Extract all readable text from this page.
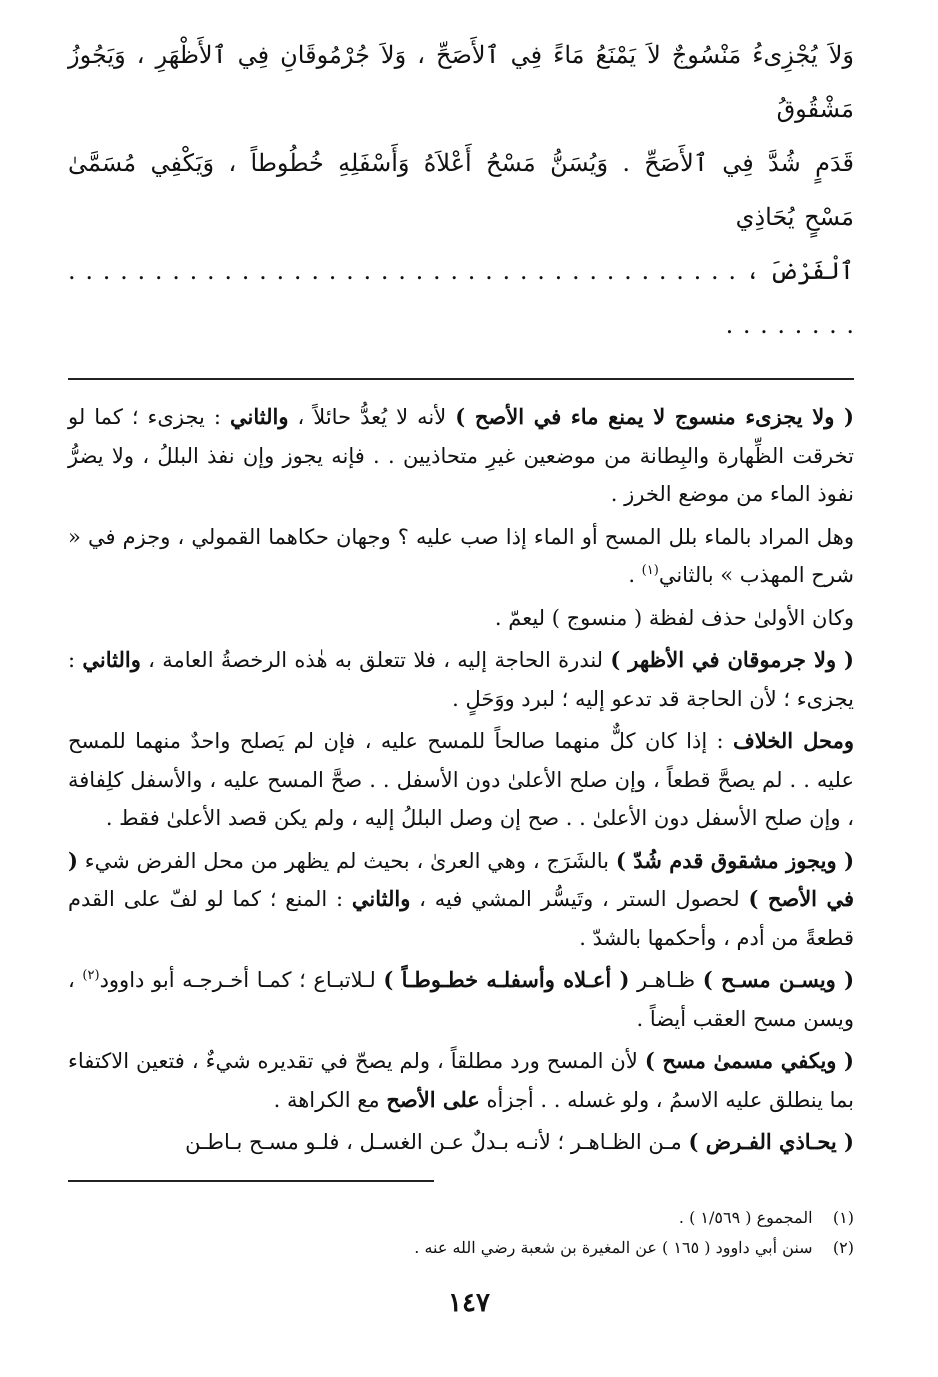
وَلاَ يُجْزِىءُ مَنْسُوجٌ لاَ يَمْنَعُ مَاءً فِي ٱلأَصَحِّ ، وَلاَ جُرْمُوقَانِ فِي ٱلأَظْهَرِ ، وَيَجُوزُ مَشْقُوقُ

قَدَمٍ شُدَّ فِي ٱلأَصَحِّ . وَيُسَنُّ مَسْحُ أَعْلاَهُ وَأَسْفَلِهِ خُطُوطاً ، وَيَكْفِي مُسَمَّىٰ مَسْحٍ يُحَاذِي

ٱلْفَرْضَ ، . . . . . . . . . . . . . . . . . . . . . . . . . . . . . . . . . . . . . . . . . . . . . . .

( ولا يجزىء منسوج لا يمنع ماء في الأصح ) لأنه لا يُعدُّ حائلاً ، والثاني : يجزىء ؛ كما لو تخرقت الظِّهارة والبِطانة من موضعين غيرِ متحاذيين . . فإنه يجوز وإن نفذ البللُ ، ولا يضرُّ نفوذ الماء من موضع الخرز .

وهل المراد بالماء بلل المسح أو الماء إذا صب عليه ؟ وجهان حكاهما القمولي ، وجزم في « شرح المهذب » بالثاني$^{(١)}$ .

وكان الأولىٰ حذف لفظة ( منسوج ) ليعمّ .

( ولا جرموقان في الأظهر ) لندرة الحاجة إليه ، فلا تتعلق به هٰذه الرخصةُ العامة ، والثاني : يجزىء ؛ لأن الحاجة قد تدعو إليه ؛ لبرد ووَحَلٍ .

ومحل الخلاف : إذا كان كلٌّ منهما صالحاً للمسح عليه ، فإن لم يَصلح واحدٌ منهما للمسح عليه . . لم يصحَّ قطعاً ، وإن صلح الأعلىٰ دون الأسفل . . صحَّ المسح عليه ، والأسفل كلِفافة ، وإن صلح الأسفل دون الأعلىٰ . . صح إن وصل البللُ إليه ، ولم يكن قصد الأعلىٰ فقط .

( ويجوز مشقوق قدم شُدّ ) بالشَرَج ، وهي العرىٰ ، بحيث لم يظهر من محل الفرض شيء ( في الأصح ) لحصول الستر ، وتَيسُّر المشي فيه ، والثاني : المنع ؛ كما لو لفّ على القدم قطعةً من أدم ، وأحكمها بالشدّ .

( ويسـن مسـح ) ظـاهـر ( أعـلاه وأسفلـه خطـوطـاً ) لـلاتبـاع ؛ كمـا أخـرجـه أبو داوود$^{(٢)}$ ، ويسن مسح العقب أيضاً .

( ويكفي مسمىٰ مسح ) لأن المسح ورد مطلقاً ، ولم يصحّ في تقديره شيءٌ ، فتعين الاكتفاء بما ينطلق عليه الاسمُ ، ولو غسله . . أجزأه على الأصح مع الكراهة .

( يحـاذي الفـرض ) مـن الظـاهـر ؛ لأنـه بـدلٌ عـن الغسـل ، فلـو مسـح بـاطـن

(١)    المجموع ( ١/٥٦٩ ) .
(٢)    سنن أبي داوود ( ١٦٥ ) عن المغيرة بن شعبة رضي الله عنه .
١٤٧
